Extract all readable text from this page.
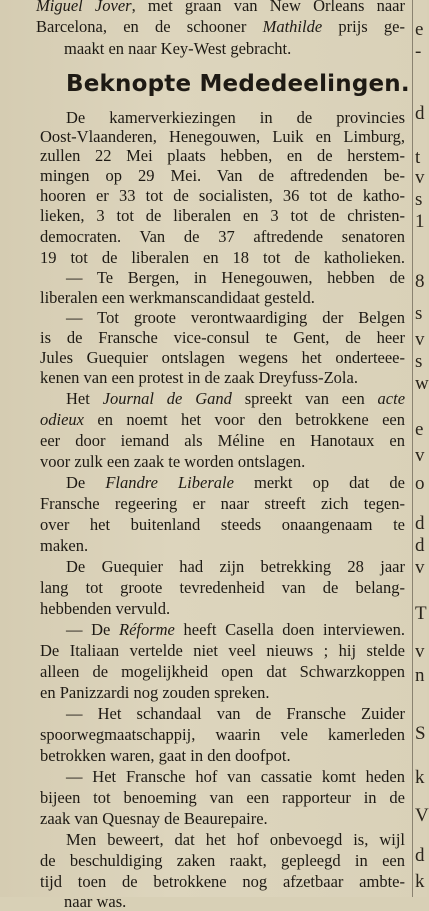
Miguel Jover, met graan van New Orleans naar
Barcelona, en de schooner Mathilde prijs ge-
maakt en naar Key-West gebracht.
Beknopte Mededeelingen.
De kamerverkiezingen in de provincies
Oost-Vlaanderen, Henegouwen, Luik en Limburg,
zullen 22 Mei plaats hebben, en de herstem-
mingen op 29 Mei. Van de aftredenden be-
hooren er 33 tot de socialisten, 36 tot de katho-
lieken, 3 tot de liberalen en 3 tot de christen-
democraten. Van de 37 aftredende senatoren
19 tot de liberalen en 18 tot de katholieken.
— Te Bergen, in Henegouwen, hebben de
liberalen een werkmanscandidaat gesteld.
— Tot groote verontwaardiging der Belgen
is de Fransche vice-consul te Gent, de heer
Jules Guequier ontslagen wegens het onderteee-
kenen van een protest in de zaak Dreyfuss-Zola.
Het Journal de Gand spreekt van een acte
odieux en noemt het voor den betrokkene een
eer door iemand als Méline en Hanotaux en
voor zulk een zaak te worden ontslagen.
De Flandre Liberale merkt op dat de
Fransche regeering er naar streeft zich tegen-
over het buitenland steeds onaangenaam te
maken.
De Guequier had zijn betrekking 28 jaar
lang tot groote tevredenheid van de belang-
hebbenden vervuld.
— De Réforme heeft Casella doen interviewen.
De Italiaan vertelde niet veel nieuws ; hij stelde
alleen de mogelijkheid open dat Schwarzkoppen
en Panizzardi nog zouden spreken.
— Het schandaal van de Fransche Zuider
spoorwegmaatschappij, waarin vele kamerleden
betrokken waren, gaat in den doofpot.
— Het Fransche hof van cassatie komt heden
bijeen tot benoeming van een rapporteur in de
zaak van Quesnay de Beaurepaire.
Men beweert, dat het hof onbevoegd is, wijl
de beschuldiging zaken raakt, gepleegd in een
tijd toen de betrokkene nog afzetbaar ambte-
naar was.
e
-
d
t
v
s
1
8
s
v
s
w
e
v
o
d
d
v
T
v
n
S
k
V
d
k
